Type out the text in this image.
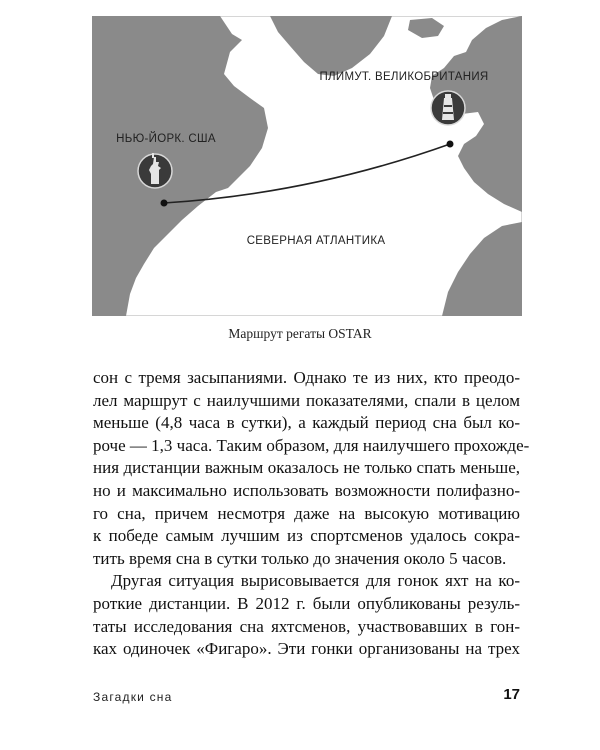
ПЛИМУТ. ВЕЛИКОБРИТАНИЯ
НЬЮ-ЙОРК. США
СЕВЕРНАЯ АТЛАНТИКА
Маршрут регаты OSTAR
сон с тремя засыпаниями. Однако те из них, кто преодо-
лел маршрут с наилучшими показателями, спали в целом
меньше (4,8 часа в сутки), а каждый период сна был ко-
роче — 1,3 часа. Таким образом, для наилучшего прохожде-
ния дистанции важным оказалось не только спать меньше,
но и максимально использовать возможности полифазно-
го сна, причем несмотря даже на высокую мотивацию
к победе самым лучшим из спортсменов удалось сокра-
тить время сна в сутки только до значения около 5 часов.
Другая ситуация вырисовывается для гонок яхт на ко-
роткие дистанции. В 2012 г. были опубликованы резуль-
таты исследования сна яхтсменов, участвовавших в гон-
ках одиночек «Фигаро». Эти гонки организованы на трех
Загадки сна	17
